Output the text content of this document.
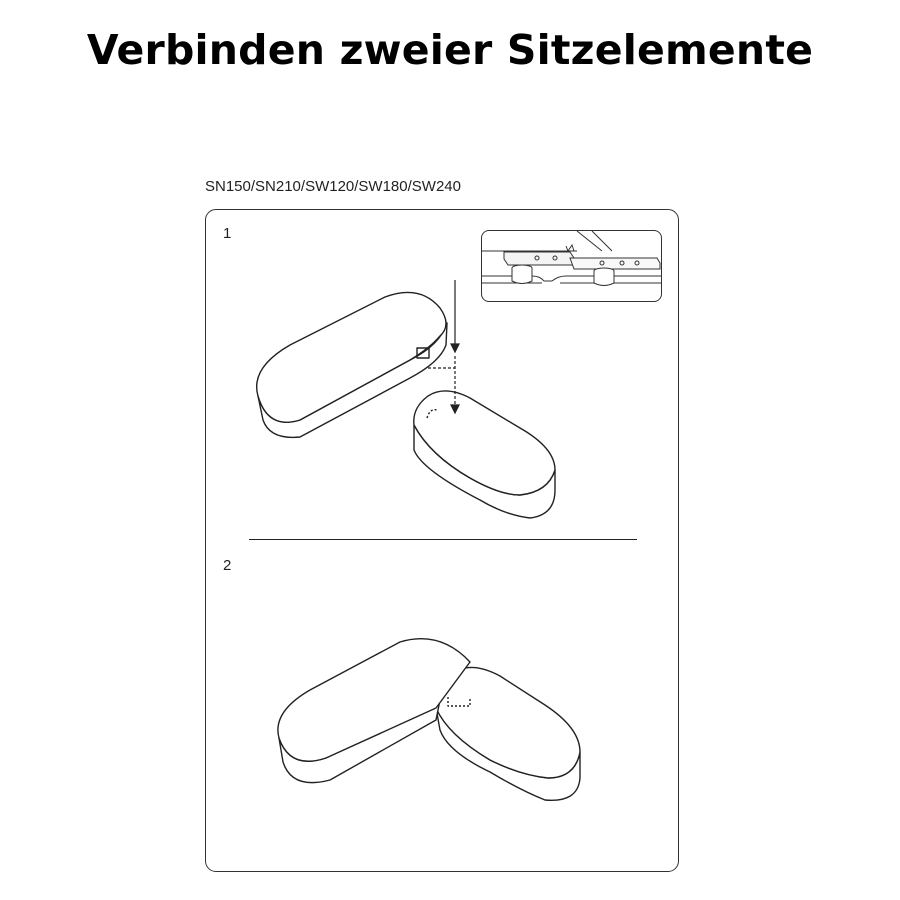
Verbinden zweier Sitzelemente
SN150/SN210/SW120/SW180/SW240
1
2
